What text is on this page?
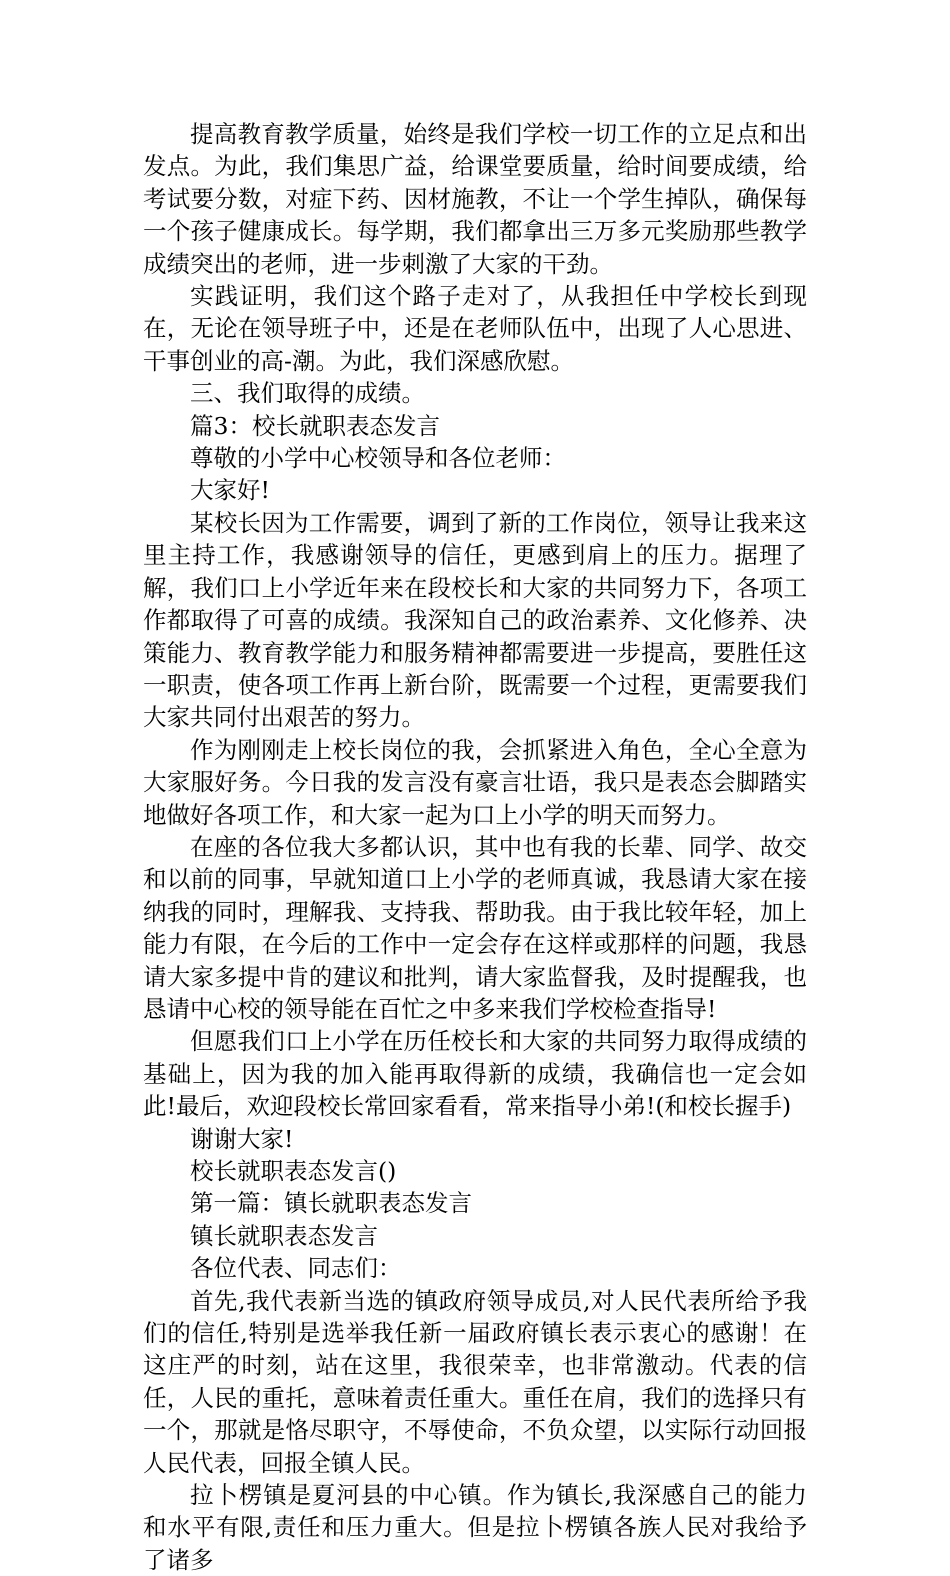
提高教育教学质量，始终是我们学校一切工作的立足点和出发点。为此，我们集思广益，给课堂要质量，给时间要成绩，给考试要分数，对症下药、因材施教，不让一个学生掉队，确保每一个孩子健康成长。每学期，我们都拿出三万多元奖励那些教学成绩突出的老师，进一步刺激了大家的干劲。

实践证明，我们这个路子走对了，从我担任中学校长到现在，无论在领导班子中，还是在老师队伍中，出现了人心思进、干事创业的高-潮。为此，我们深感欣慰。

三、我们取得的成绩。

篇3：校长就职表态发言

尊敬的小学中心校领导和各位老师：

大家好!

某校长因为工作需要，调到了新的工作岗位，领导让我来这里主持工作，我感谢领导的信任，更感到肩上的压力。据理了解，我们口上小学近年来在段校长和大家的共同努力下，各项工作都取得了可喜的成绩。我深知自己的政治素养、文化修养、决策能力、教育教学能力和服务精神都需要进一步提高，要胜任这一职责，使各项工作再上新台阶，既需要一个过程，更需要我们大家共同付出艰苦的努力。

作为刚刚走上校长岗位的我，会抓紧进入角色，全心全意为大家服好务。今日我的发言没有豪言壮语，我只是表态会脚踏实地做好各项工作，和大家一起为口上小学的明天而努力。

在座的各位我大多都认识，其中也有我的长辈、同学、故交和以前的同事，早就知道口上小学的老师真诚，我恳请大家在接纳我的同时，理解我、支持我、帮助我。由于我比较年轻，加上能力有限，在今后的工作中一定会存在这样或那样的问题，我恳请大家多提中肯的建议和批判，请大家监督我，及时提醒我，也恳请中心校的领导能在百忙之中多来我们学校检查指导!

但愿我们口上小学在历任校长和大家的共同努力取得成绩的基础上，因为我的加入能再取得新的成绩，我确信也一定会如此!最后，欢迎段校长常回家看看，常来指导小弟!(和校长握手)

谢谢大家!

校长就职表态发言()

第一篇：镇长就职表态发言

镇长就职表态发言

各位代表、同志们：

首先,我代表新当选的镇政府领导成员,对人民代表所给予我们的信任,特别是选举我任新一届政府镇长表示衷心的感谢！在这庄严的时刻，站在这里，我很荣幸，也非常激动。代表的信任，人民的重托，意味着责任重大。重任在肩，我们的选择只有一个，那就是恪尽职守，不辱使命，不负众望，以实际行动回报人民代表，回报全镇人民。

拉卜楞镇是夏河县的中心镇。作为镇长,我深感自己的能力和水平有限,责任和压力重大。但是拉卜楞镇各族人民对我给予了诸多
